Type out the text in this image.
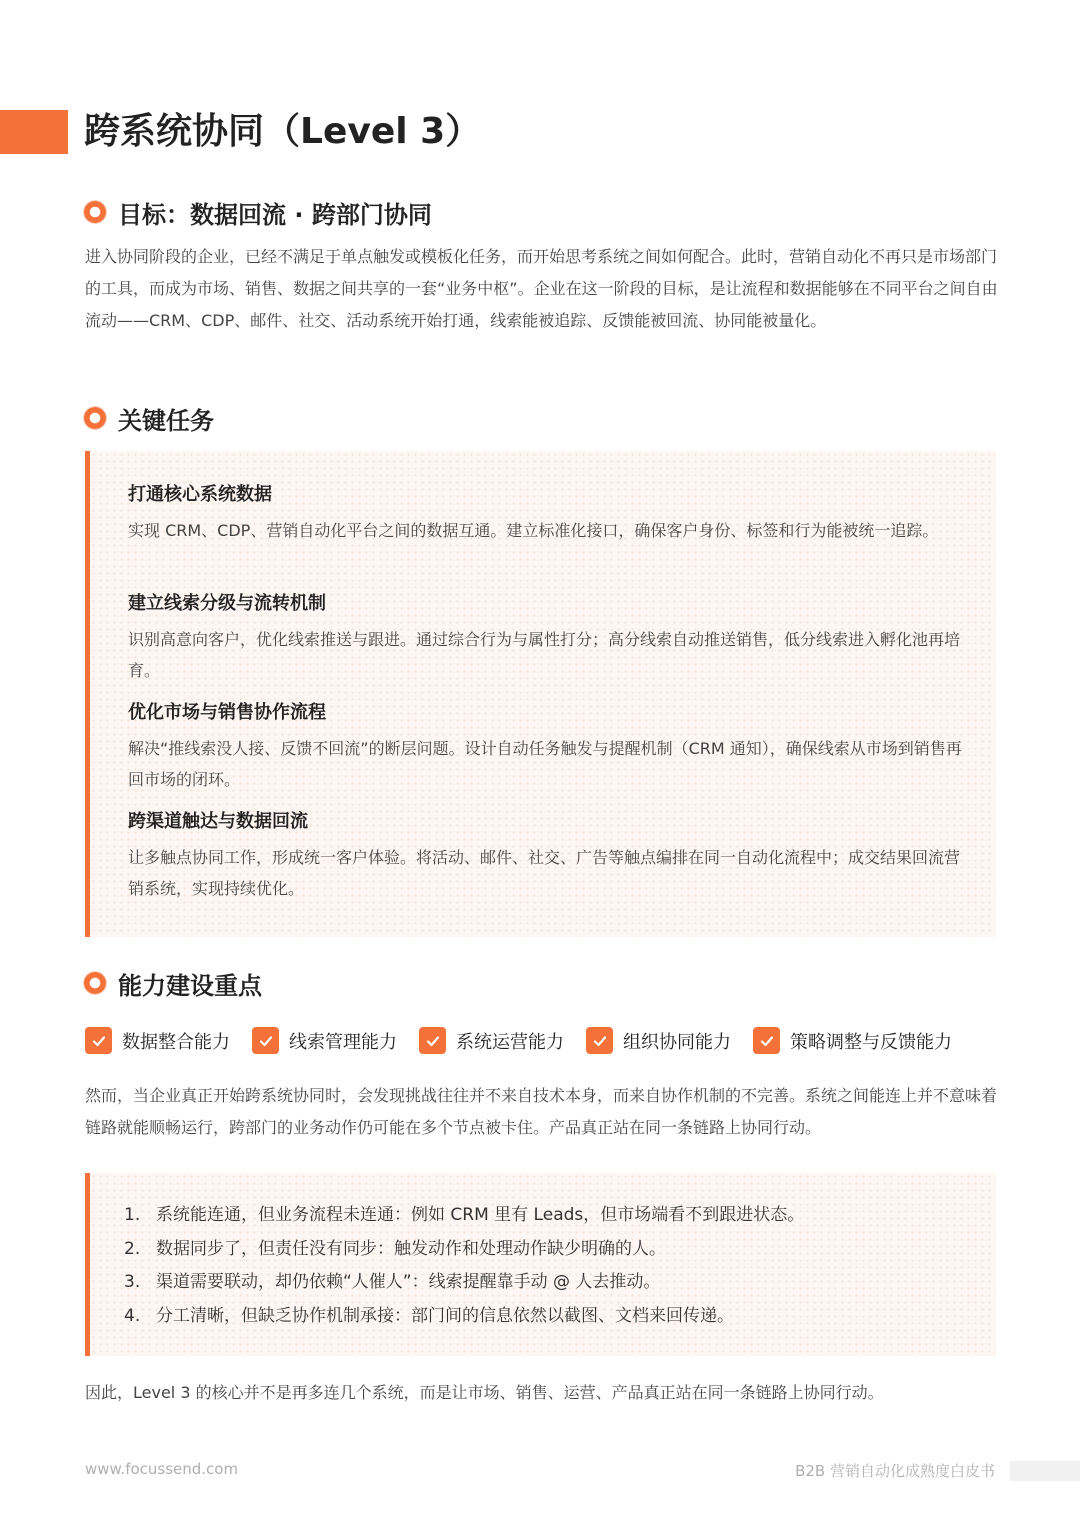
跨系统协同（Level 3）
目标：数据回流 · 跨部门协同

进入协同阶段的企业，已经不满足于单点触发或模板化任务，而开始思考系统之间如何配合。此时，营销自动化不再只是市场部门的工具，而成为市场、销售、数据之间共享的一套“业务中枢”。企业在这一阶段的目标，是让流程和数据能够在不同平台之间自由流动——CRM、CDP、邮件、社交、活动系统开始打通，线索能被追踪、反馈能被回流、协同能被量化。

关键任务

打通核心系统数据

实现 CRM、CDP、营销自动化平台之间的数据互通。建立标准化接口，确保客户身份、标签和行为能被统一追踪。

建立线索分级与流转机制

识别高意向客户，优化线索推送与跟进。通过综合行为与属性打分；高分线索自动推送销售，低分线索进入孵化池再培育。

优化市场与销售协作流程

解决“推线索没人接、反馈不回流”的断层问题。设计自动任务触发与提醒机制（CRM 通知），确保线索从市场到销售再回市场的闭环。

跨渠道触达与数据回流

让多触点协同工作，形成统一客户体验。将活动、邮件、社交、广告等触点编排在同一自动化流程中；成交结果回流营销系统，实现持续优化。

能力建设重点
数据整合能力	线索管理能力	系统运营能力	组织协同能力	策略调整与反馈能力

然而，当企业真正开始跨系统协同时，会发现挑战往往并不来自技术本身，而来自协作机制的不完善。系统之间能连上并不意味着链路就能顺畅运行，跨部门的业务动作仍可能在多个节点被卡住。产品真正站在同一条链路上协同行动。

1. 系统能连通，但业务流程未连通：例如 CRM 里有 Leads，但市场端看不到跟进状态。
2. 数据同步了，但责任没有同步：触发动作和处理动作缺少明确的人。
3. 渠道需要联动，却仍依赖“人催人”：线索提醒靠手动 @ 人去推动。
4. 分工清晰，但缺乏协作机制承接：部门间的信息依然以截图、文档来回传递。

因此，Level 3 的核心并不是再多连几个系统，而是让市场、销售、运营、产品真正站在同一条链路上协同行动。

www.focussend.com	B2B 营销自动化成熟度白皮书
